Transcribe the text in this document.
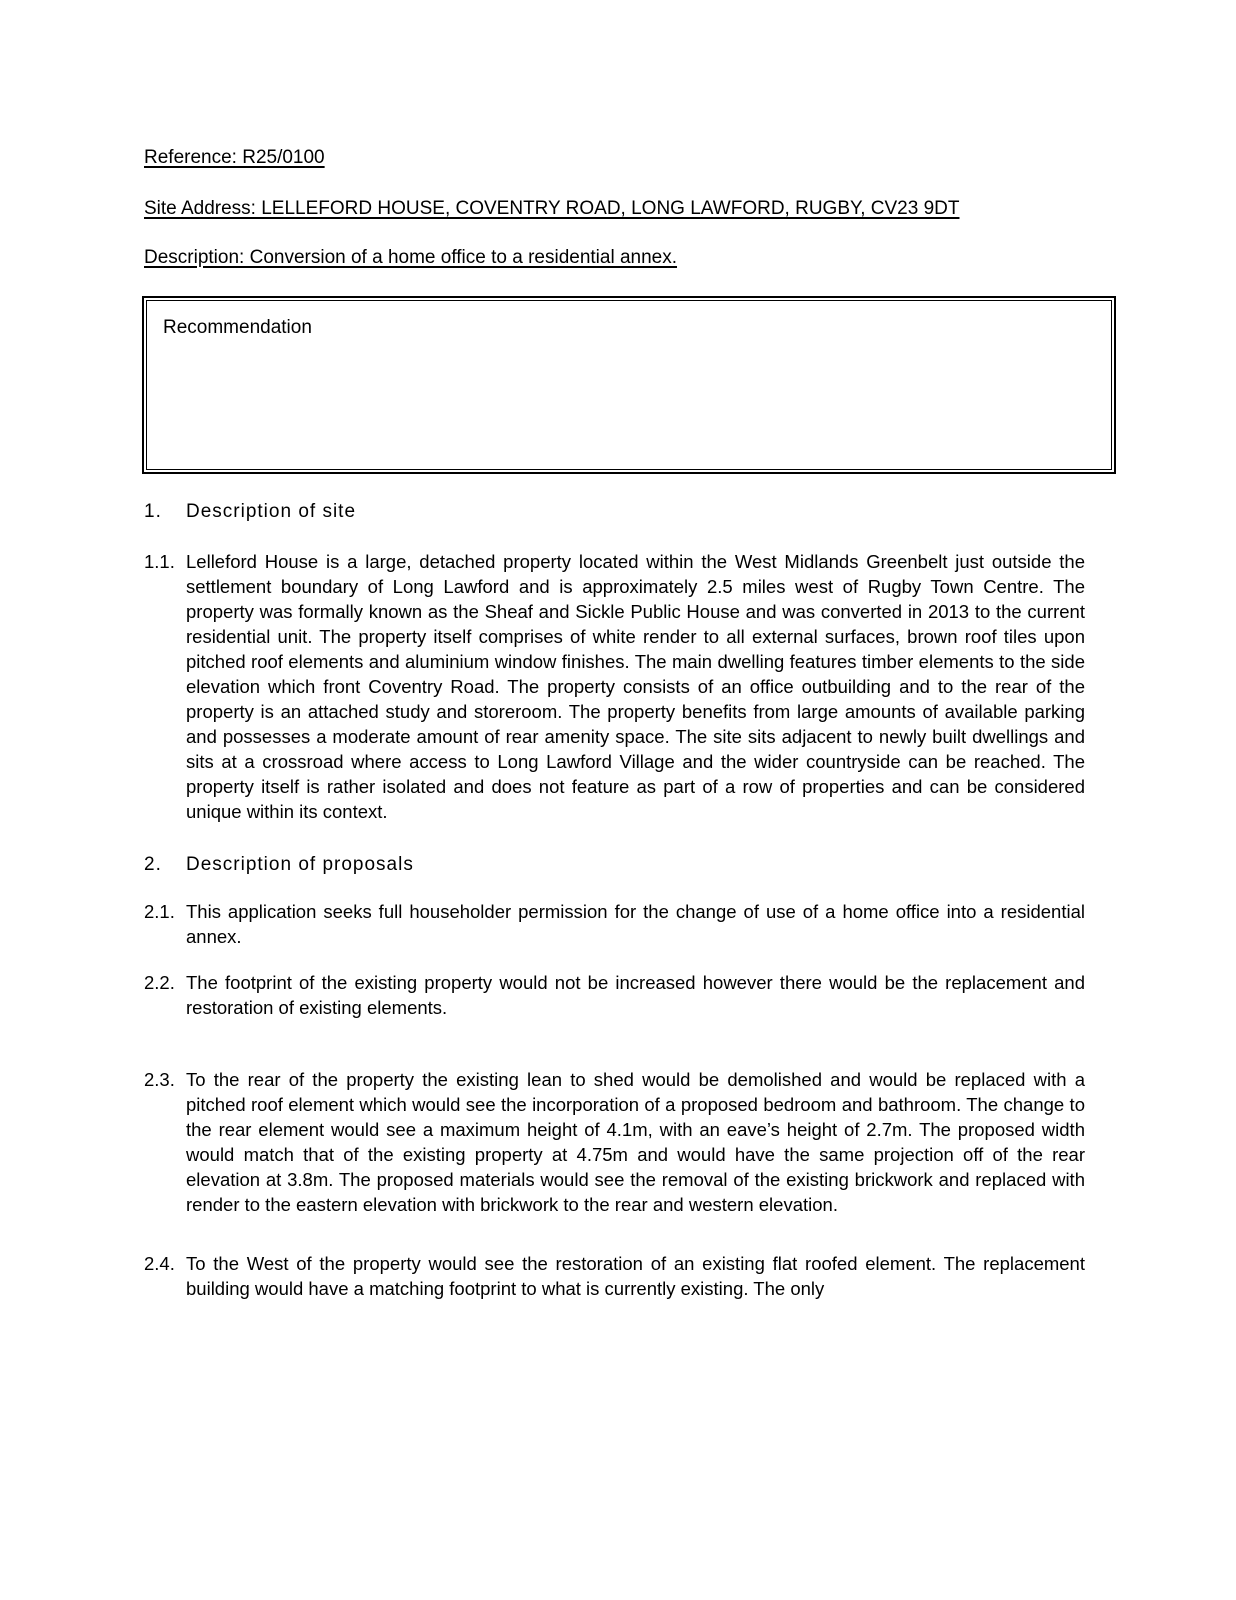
Reference: R25/0100

Site Address: LELLEFORD HOUSE, COVENTRY ROAD, LONG LAWFORD, RUGBY, CV23 9DT

Description: Conversion of a home office to a residential annex.

Recommendation
1.	Description of site
1.1. Lelleford House is a large, detached property located within the West Midlands Greenbelt just outside the settlement boundary of Long Lawford and is approximately 2.5 miles west of Rugby Town Centre. The property was formally known as the Sheaf and Sickle Public House and was converted in 2013 to the current residential unit. The property itself comprises of white render to all external surfaces, brown roof tiles upon pitched roof elements and aluminium window finishes. The main dwelling features timber elements to the side elevation which front Coventry Road. The property consists of an office outbuilding and to the rear of the property is an attached study and storeroom. The property benefits from large amounts of available parking and possesses a moderate amount of rear amenity space. The site sits adjacent to newly built dwellings and sits at a crossroad where access to Long Lawford Village and the wider countryside can be reached. The property itself is rather isolated and does not feature as part of a row of properties and can be considered unique within its context.
2.	Description of proposals
2.1. This application seeks full householder permission for the change of use of a home office into a residential annex.
2.2. The footprint of the existing property would not be increased however there would be the replacement and restoration of existing elements.
2.3. To the rear of the property the existing lean to shed would be demolished and would be replaced with a pitched roof element which would see the incorporation of a proposed bedroom and bathroom. The change to the rear element would see a maximum height of 4.1m, with an eave’s height of 2.7m. The proposed width would match that of the existing property at 4.75m and would have the same projection off of the rear elevation at 3.8m. The proposed materials would see the removal of the existing brickwork and replaced with render to the eastern elevation with brickwork to the rear and western elevation.
2.4. To the West of the property would see the restoration of an existing flat roofed element. The replacement building would have a matching footprint to what is currently existing. The only
